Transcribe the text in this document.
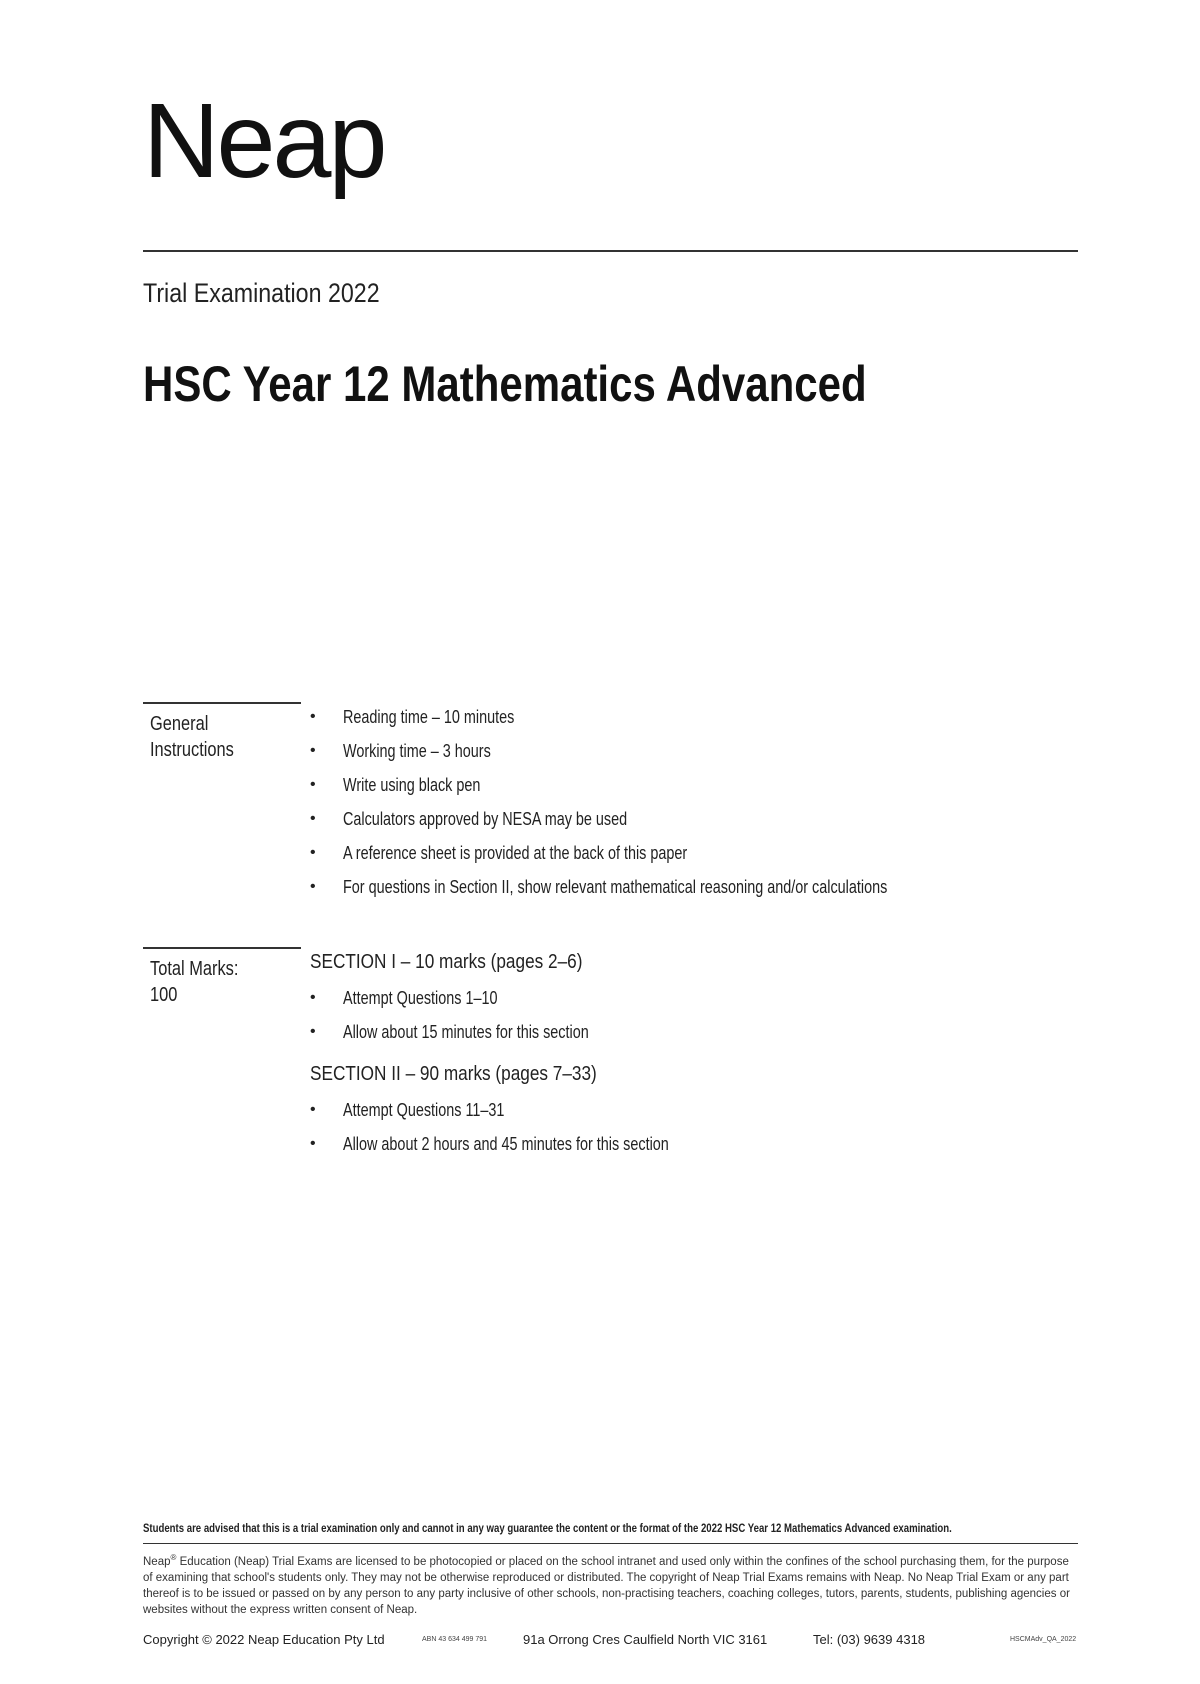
Neap
Trial Examination 2022
HSC Year 12 Mathematics Advanced
General
Instructions
•	Reading time – 10 minutes
•	Working time – 3 hours
•	Write using black pen
•	Calculators approved by NESA may be used
•	A reference sheet is provided at the back of this paper
•	For questions in Section II, show relevant mathematical reasoning and/or calculations
Total Marks:
100
SECTION I – 10 marks (pages 2–6)
•	Attempt Questions 1–10
•	Allow about 15 minutes for this section
SECTION II – 90 marks (pages 7–33)
•	Attempt Questions 11–31
•	Allow about 2 hours and 45 minutes for this section
Students are advised that this is a trial examination only and cannot in any way guarantee the content or the format of the 2022 HSC Year 12 Mathematics Advanced examination.
Neap® Education (Neap) Trial Exams are licensed to be photocopied or placed on the school intranet and used only within the confines of the school purchasing them, for the purpose of examining that school's students only. They may not be otherwise reproduced or distributed. The copyright of Neap Trial Exams remains with Neap. No Neap Trial Exam or any part thereof is to be issued or passed on by any person to any party inclusive of other schools, non-practising teachers, coaching colleges, tutors, parents, students, publishing agencies or websites without the express written consent of Neap.
Copyright © 2022 Neap Education Pty Ltd	ABN 43 634 499 791	91a Orrong Cres Caulfield North VIC 3161	Tel: (03) 9639 4318	HSCMAdv_QA_2022
